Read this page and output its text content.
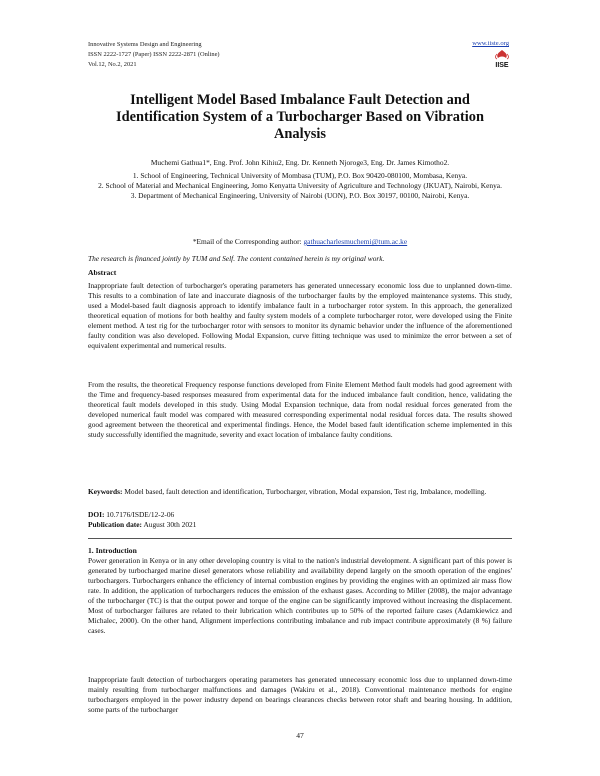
Innovative Systems Design and Engineering
ISSN 2222-1727 (Paper) ISSN 2222-2871 (Online)
Vol.12, No.2, 2021
www.iiste.org
IISE
Intelligent Model Based Imbalance Fault Detection and Identification System of a Turbocharger Based on Vibration Analysis
Muchemi Gathua1*, Eng. Prof. John Kihiu2, Eng. Dr. Kenneth Njoroge3, Eng. Dr. James Kimotho2.
1. School of Engineering, Technical University of Mombasa (TUM), P.O. Box 90420-080100, Mombasa, Kenya.
2. School of Material and Mechanical Engineering, Jomo Kenyatta University of Agriculture and Technology (JKUAT), Nairobi, Kenya.
3. Department of Mechanical Engineering, University of Nairobi (UON), P.O. Box 30197, 00100, Nairobi, Kenya.
*Email of the Corresponding author: gathuacharlesmuchemi@tum.ac.ke
The research is financed jointly by TUM and Self. The content contained herein is my original work.
Abstract
Inappropriate fault detection of turbocharger's operating parameters has generated unnecessary economic loss due to unplanned down-time. This results to a combination of late and inaccurate diagnosis of the turbocharger faults by the employed maintenance systems. This study, used a Model-based fault diagnosis approach to identify imbalance fault in a turbocharger rotor system. In this approach, the generalized theoretical equation of motions for both healthy and faulty system models of a complete turbocharger rotor, were developed using the Finite element method. A test rig for the turbocharger rotor with sensors to monitor its dynamic behavior under the influence of the aforementioned faulty condition was also developed. Following Modal Expansion, curve fitting technique was used to minimize the error between a set of equivalent experimental and numerical results.
From the results, the theoretical Frequency response functions developed from Finite Element Method fault models had good agreement with the Time and frequency-based responses measured from experimental data for the induced imbalance fault condition, hence, validating the theoretical fault models developed in this study. Using Modal Expansion technique, data from nodal residual forces generated from the developed numerical fault model was compared with measured corresponding experimental nodal residual forces data. The results showed good agreement between the theoretical and experimental findings. Hence, the Model based fault identification scheme implemented in this study successfully identified the magnitude, severity and exact location of imbalance faulty conditions.
Keywords: Model based, fault detection and identification, Turbocharger, vibration, Modal expansion, Test rig, Imbalance, modelling.
DOI: 10.7176/ISDE/12-2-06
Publication date: August 30th 2021
1. Introduction
Power generation in Kenya or in any other developing country is vital to the nation's industrial development. A significant part of this power is generated by turbocharged marine diesel generators whose reliability and availability depend largely on the smooth operation of the engines' turbochargers. Turbochargers enhance the efficiency of internal combustion engines by providing the engines with an optimized air mass flow rate. In addition, the application of turbochargers reduces the emission of the exhaust gases. According to Miller (2008), the major advantage of the turbocharger (TC) is that the output power and torque of the engine can be significantly improved without increasing the displacement. Most of turbocharger failures are related to their lubrication which contributes up to 50% of the reported failure cases (Adamkiewicz and Michalec, 2000). On the other hand, Alignment imperfections contributing imbalance and rub impact contribute approximately (8 %) failure cases.
Inappropriate fault detection of turbochargers operating parameters has generated unnecessary economic loss due to unplanned down-time mainly resulting from turbocharger malfunctions and damages (Wakiru et al., 2018). Conventional maintenance methods for engine turbochargers employed in the power industry depend on bearings clearances checks between rotor shaft and bearing housing. In addition, some parts of the turbocharger
47
